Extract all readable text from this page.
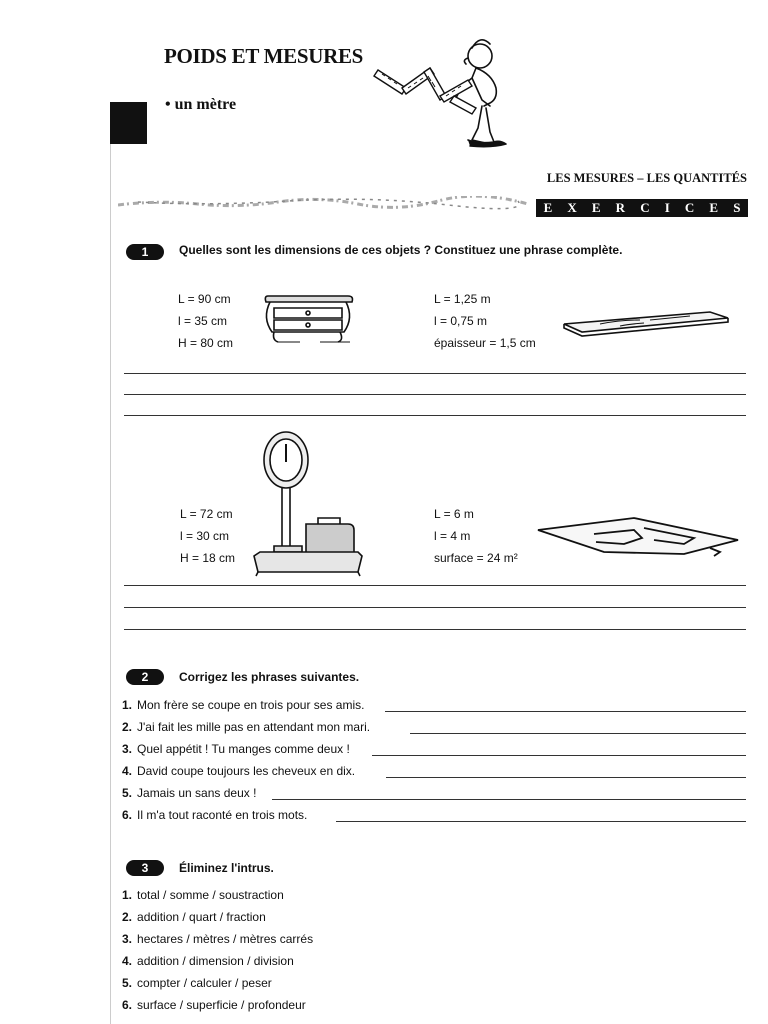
POIDS ET MESURES
• un mètre
LES MESURES – LES QUANTITÉS
E X E R C I C E S
1	Quelles sont les dimensions de ces objets ? Constituez une phrase complète.
L = 90 cm
l = 35 cm
H = 80 cm
L = 1,25 m
l = 0,75 m
épaisseur = 1,5 cm
L = 72 cm
l = 30 cm
H = 18 cm
L = 6 m
l = 4 m
surface = 24 m²
2	Corrigez les phrases suivantes.
1. Mon frère se coupe en trois pour ses amis.
2. J'ai fait les mille pas en attendant mon mari.
3. Quel appétit ! Tu manges comme deux !
4. David coupe toujours les cheveux en dix.
5. Jamais un sans deux !
6. Il m'a tout raconté en trois mots.
3	Éliminez l'intrus.
1. total / somme / soustraction
2. addition / quart / fraction
3. hectares / mètres / mètres carrés
4. addition / dimension / division
5. compter / calculer / peser
6. surface / superficie / profondeur
